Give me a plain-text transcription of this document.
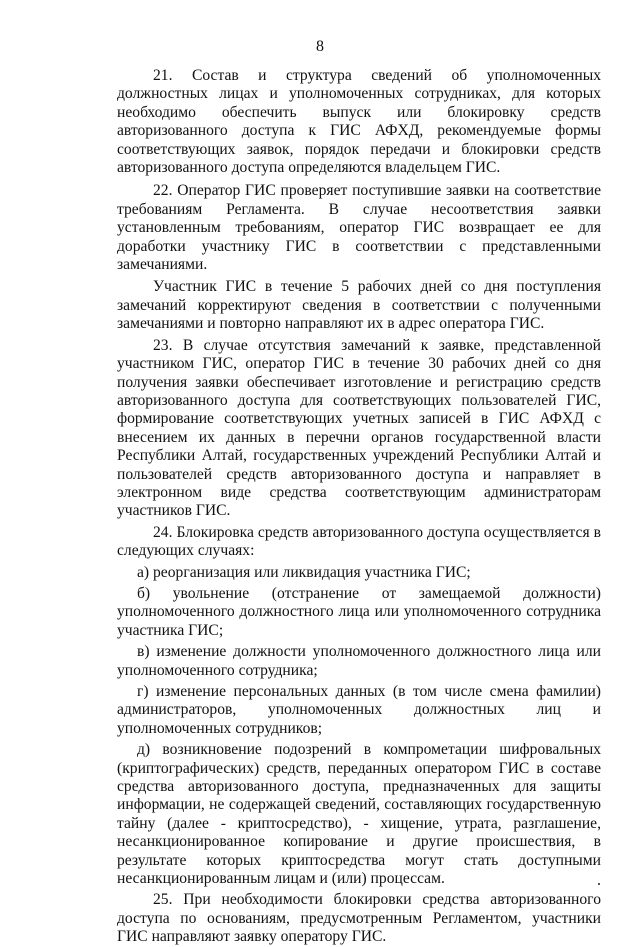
8

21. Состав и структура сведений об уполномоченных должностных лицах и уполномоченных сотрудниках, для которых необходимо обеспечить выпуск или блокировку средств авторизованного доступа к ГИС АФХД, рекомендуемые формы соответствующих заявок, порядок передачи и блокировки средств авторизованного доступа определяются владельцем ГИС.

22. Оператор ГИС проверяет поступившие заявки на соответствие требованиям Регламента. В случае несоответствия заявки установленным требованиям, оператор ГИС возвращает ее для доработки участнику ГИС в соответствии с представленными замечаниями.

Участник ГИС в течение 5 рабочих дней со дня поступления замечаний корректируют сведения в соответствии с полученными замечаниями и повторно направляют их в адрес оператора ГИС.

23. В случае отсутствия замечаний к заявке, представленной участником ГИС, оператор ГИС в течение 30 рабочих дней со дня получения заявки обеспечивает изготовление и регистрацию средств авторизованного доступа для соответствующих пользователей ГИС, формирование соответствующих учетных записей в ГИС АФХД с внесением их данных в перечни органов государственной власти Республики Алтай, государственных учреждений Республики Алтай и пользователей средств авторизованного доступа и направляет в электронном виде средства соответствующим администраторам участников ГИС.

24. Блокировка средств авторизованного доступа осуществляется в следующих случаях:

а) реорганизация или ликвидация участника ГИС;

б) увольнение (отстранение от замещаемой должности) уполномоченного должностного лица или уполномоченного сотрудника участника ГИС;

в) изменение должности уполномоченного должностного лица или уполномоченного сотрудника;

г) изменение персональных данных (в том числе смена фамилии) администраторов, уполномоченных должностных лиц и уполномоченных сотрудников;

д) возникновение подозрений в компрометации шифровальных (криптографических) средств, переданных оператором ГИС в составе средства авторизованного доступа, предназначенных для защиты информации, не содержащей сведений, составляющих государственную тайну (далее - криптосредство), - хищение, утрата, разглашение, несанкционированное копирование и другие происшествия, в результате которых криптосредства могут стать доступными несанкционированным лицам и (или) процессам.

25. При необходимости блокировки средства авторизованного доступа по основаниям, предусмотренным Регламентом, участники ГИС направляют заявку оператору ГИС.
